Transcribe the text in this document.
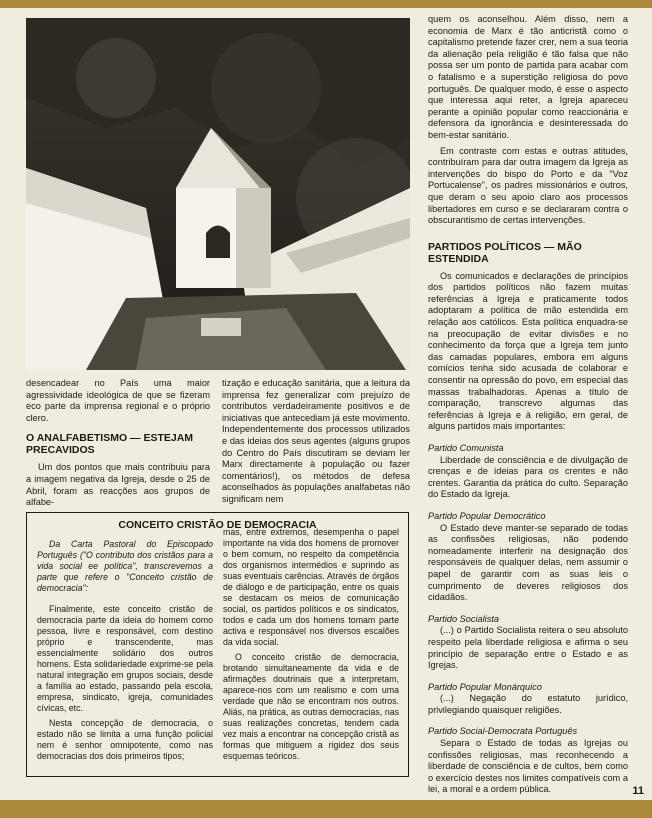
desencadear no País uma maior agressividade ideológica de que se fizeram eco parte da imprensa regional e o próprio clero.

O ANALFABETISMO — ESTEJAM PRECAVIDOS

Um dos pontos que mais contribuiu para a imagem negativa da Igreja, desde o 25 de Abril, foram as reacções aos grupos de alfabe-

tização e educação sanitária, que a leitura da imprensa fez generalizar com prejuízo de contributos verdadeiramente positivos e de iniciativas que antecediam já este movimento. Independentemente dos processos utilizados e das ideias dos seus agentes (alguns grupos do Centro do País discutiram se deviam ler Marx directamente à população ou fazer comentários!), os métodos de defesa aconselhados às populações analfabetas não significam nem

quem os aconselhou. Além disso, nem a economia de Marx é tão anticristã como o capitalismo pretende fazer crer, nem a sua teoria da alienação pela religião é tão falsa que não possa ser um ponto de partida para acabar com o fatalismo e a superstição religiosa do povo português. De qualquer modo, é esse o aspecto que interessa aqui reter, a Igreja apareceu perante a opinião popular como reaccionária e defensora da ignorância e desinteressada do bem-estar sanitário.

Em contraste com estas e outras atitudes, contribuíram para dar outra imagem da Igreja as intervenções do bispo do Porto e da "Voz Portucalense", os padres missionários e outros, que deram o seu apoio claro aos processos libertadores em curso e se declararam contra o obscurantismo de certas intervenções.

PARTIDOS POLÍTICOS — MÃO ESTENDIDA

Os comunicados e declarações de princípios dos partidos políticos não fazem muitas referências à Igreja e praticamente todos adoptaram a política de mão estendida em relação aos católicos. Esta política enquadra-se na preocupação de evitar divisões e no conhecimento da força que a Igreja tem junto das camadas populares, embora em alguns comícios tenha sido acusada de colaborar e consentir na opressão do povo, em especial das massas trabalhadoras. Apenas a título de comparação, transcrevo algumas das referências à Igreja e à religião, em geral, de alguns partidos mais importantes:

Partido Comunista

Liberdade de consciência e de divulgação de crenças e de ideias para os crentes e não crentes. Garantia da prática do culto. Separação do Estado da Igreja.

Partido Popular Democrático

O Estado deve manter-se separado de todas as confissões religiosas, não podendo nomeadamente interferir na designação dos responsáveis de qualquer delas, nem assumir o papel de garantir com as suas leis o cumprimento de deveres religiosos dos cidadãos.

Partido Socialista

(...) o Partido Socialista reitera o seu absoluto respeito pela liberdade religiosa e afirma o seu princípio de separação entre o Estado e as Igrejas.

Partido Popular Monárquico

(...) Negação do estatuto jurídico, privilegiando quaisquer religiões.

Partido Social-Democrata Português

Separa o Estado de todas as Igrejas ou confissões religiosas, mas reconhecendo a liberdade de consciência e de cultos, bem como o exercício destes nos limites compatíveis com a lei, a moral e a ordem pública.

CONCEITO CRISTÃO DE DEMOCRACIA

Da Carta Pastoral do Episcopado Português ("O contributo dos cristãos para a vida social ee política", transcrevemos a parte que refere o "Conceito cristão de democracia":

Finalmente, este conceito cristão de democracia parte da ideia do homem como pessoa, livre e responsável, com destino próprio e transcendente, mas essencialmente solidário dos outros homens. Esta solidariedade exprime-se pela natural integração em grupos sociais, desde a família ao estado, passando pela escola, empresa, sindicato, igreja, comunidades cívicas, etc.

Nesta concepção de democracia, o estado não se limita a uma função policial nem é senhor omnipotente, como nas democracias dos dois primeiros tipos;

mas, entre extremos, desempenha o papel importante na vida dos homens de promover o bem comum, no respeito da competência dos organismos intermédios e suprindo as suas eventuais carências. Através de órgãos de diálogo e de participação, entre os quais se destacam os meios de comunicação social, os partidos políticos e os sindicatos, todos e cada um dos homens tomam parte activa e responsável nos diversos escalões da vida social.

O conceito cristão de democracia, brotando simultaneamente da vida e de afirmações doutrinais que a interpretam, aparece-nos com um realismo e com uma verdade que não se encontram nos outros. Aliás, na prática, as outras democracias, nas suas realizações concretas, tendem cada vez mais a encontrar na concepção cristã as formas que mitiguem a rigidez dos seus esquemas teóricos.

11
